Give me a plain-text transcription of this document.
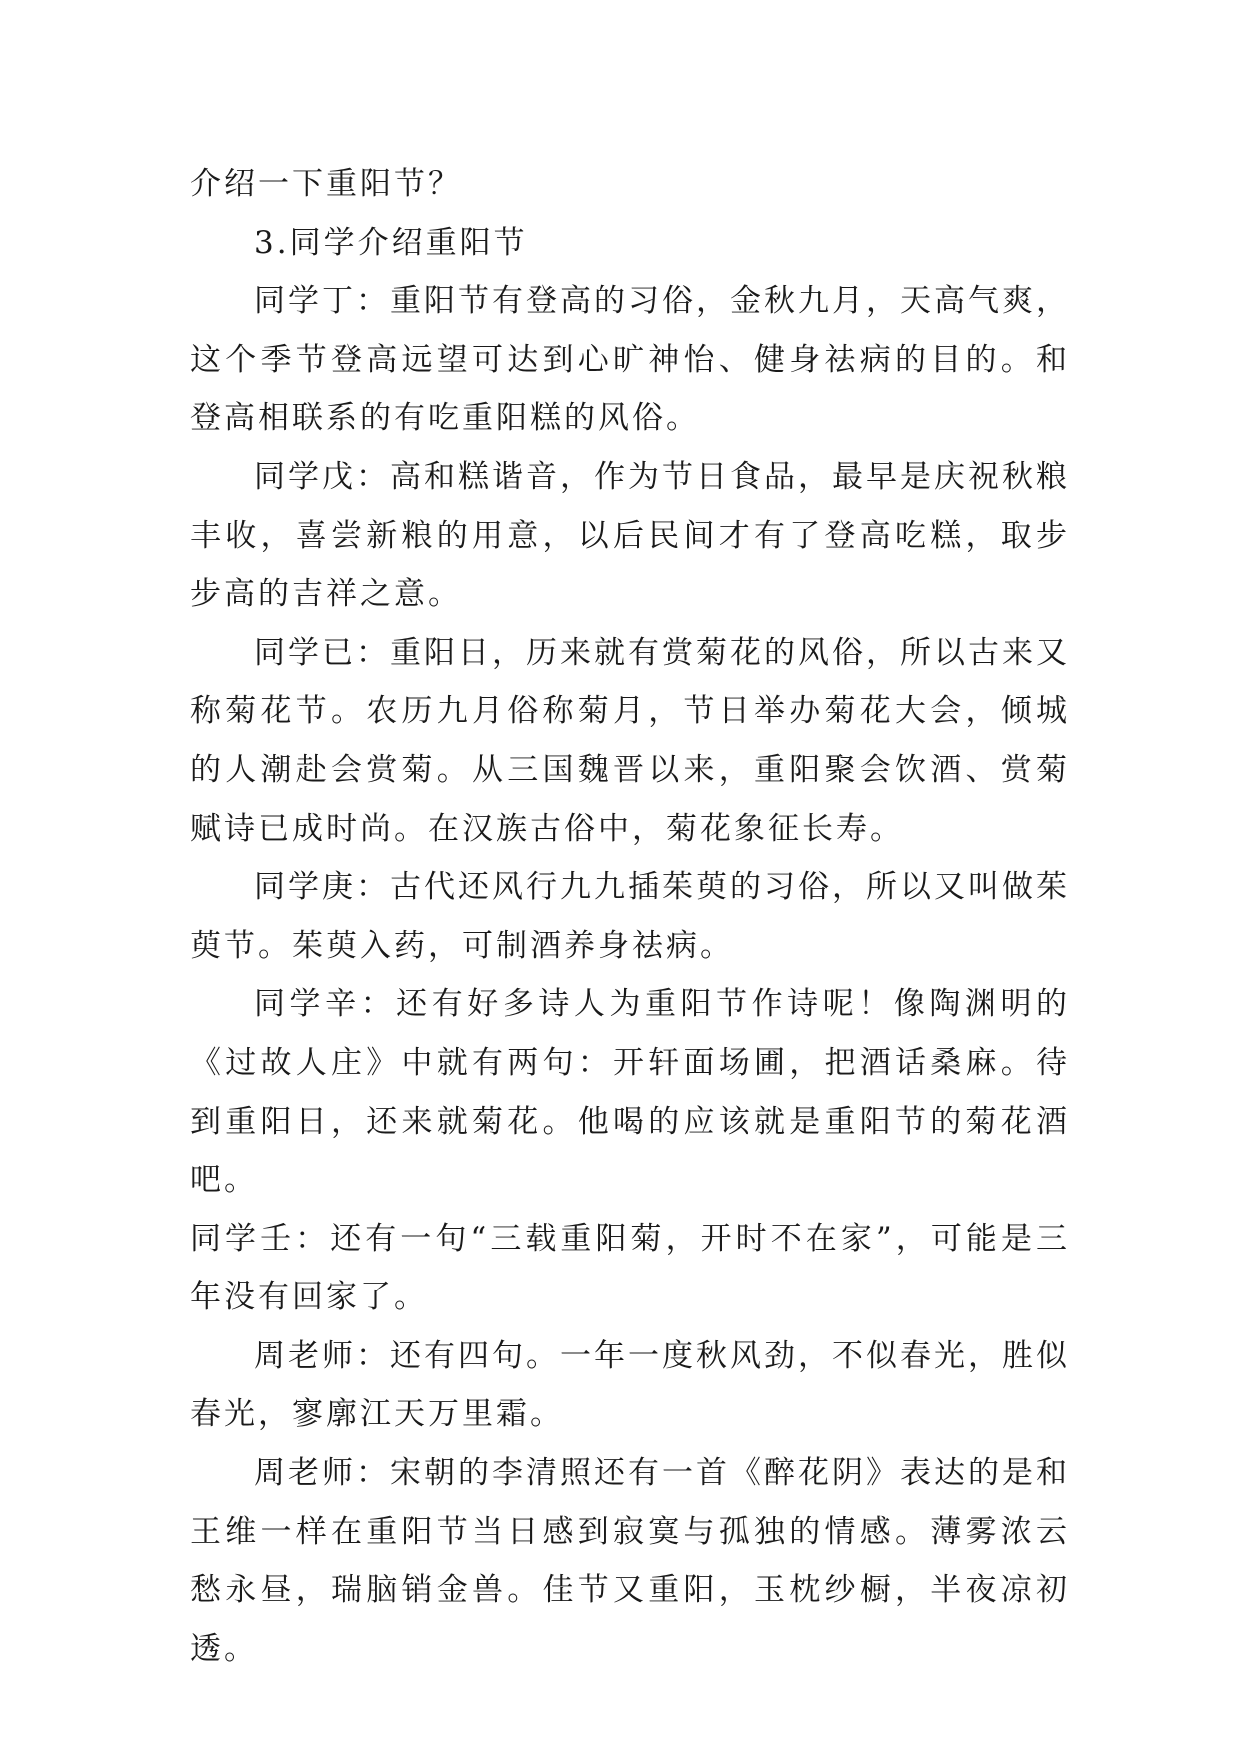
介绍一下重阳节？

3.同学介绍重阳节

同学丁：重阳节有登高的习俗，金秋九月，天高气爽，这个季节登高远望可达到心旷神怡、健身祛病的目的。和登高相联系的有吃重阳糕的风俗。

同学戊：高和糕谐音，作为节日食品，最早是庆祝秋粮丰收，喜尝新粮的用意，以后民间才有了登高吃糕，取步步高的吉祥之意。

同学已：重阳日，历来就有赏菊花的风俗，所以古来又称菊花节。农历九月俗称菊月，节日举办菊花大会，倾城的人潮赴会赏菊。从三国魏晋以来，重阳聚会饮酒、赏菊赋诗已成时尚。在汉族古俗中，菊花象征长寿。

同学庚：古代还风行九九插茱萸的习俗，所以又叫做茱萸节。茱萸入药，可制酒养身祛病。

同学辛：还有好多诗人为重阳节作诗呢！像陶渊明的《过故人庄》中就有两句：开轩面场圃，把酒话桑麻。待到重阳日，还来就菊花。他喝的应该就是重阳节的菊花酒吧。

同学壬：还有一句“三载重阳菊，开时不在家”，可能是三年没有回家了。

周老师：还有四句。一年一度秋风劲，不似春光，胜似春光，寥廓江天万里霜。

周老师：宋朝的李清照还有一首《醉花阴》表达的是和王维一样在重阳节当日感到寂寞与孤独的情感。薄雾浓云愁永昼，瑞脑销金兽。佳节又重阳，玉枕纱橱，半夜凉初透。
